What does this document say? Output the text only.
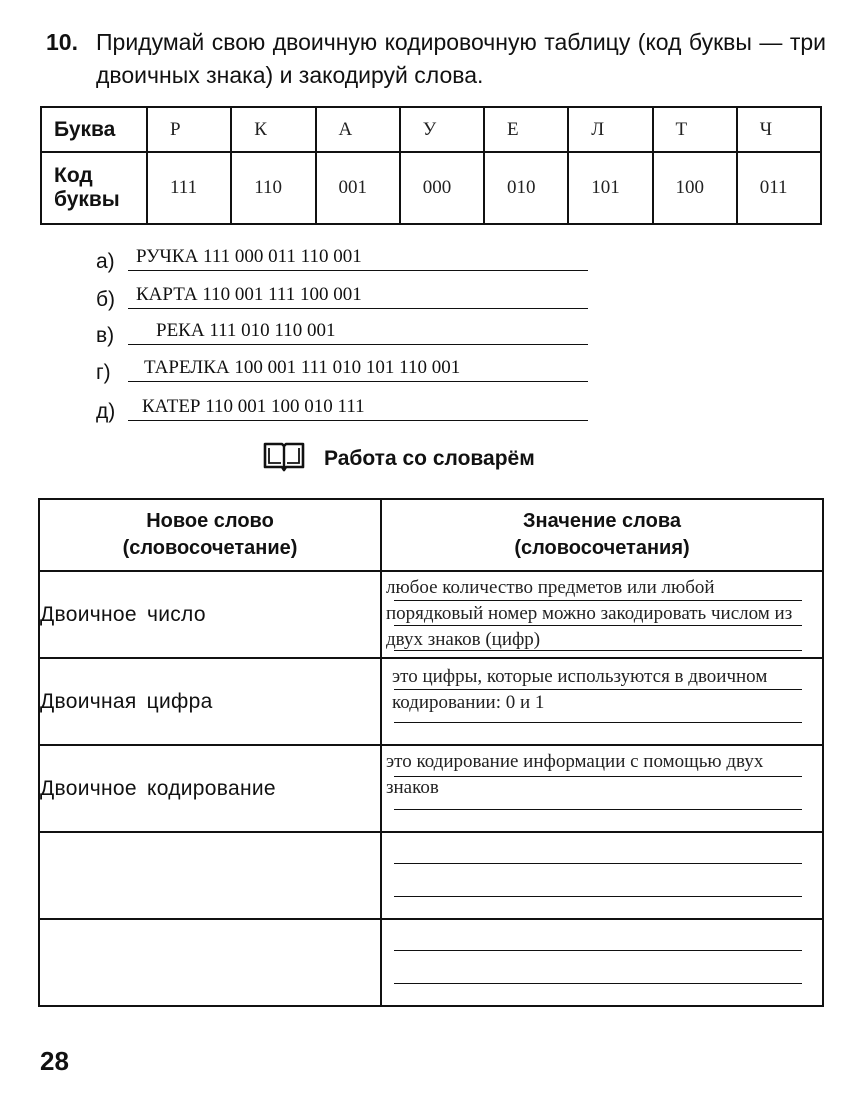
10. Придумай свою двоичную кодировочную таблицу (код буквы — три двоичных знака) и закодируй слова.
Буква	Р	К	А	У	Е	Л	Т	Ч
Код буквы	111	110	001	000	010	101	100	011
а) РУЧКА 111 000 011 110 001
б) КАРТА 110 001 111 100 001
в) РЕКА 111 010 110 001
г) ТАРЕЛКА 100 001 111 010 101 110 001
д) КАТЕР 110 001 100 010 111
Работа со словарём
Новое слово (словосочетание)	Значение слова (словосочетания)
Двоичное число	любое количество предметов или любой порядковый номер можно закодировать числом из двух знаков (цифр)

Двоичная цифра	это цифры, которые используются в двоичном кодировании: 0 и 1

Двоичное кодирование	это кодирование информации с помощью двух знаков

28
